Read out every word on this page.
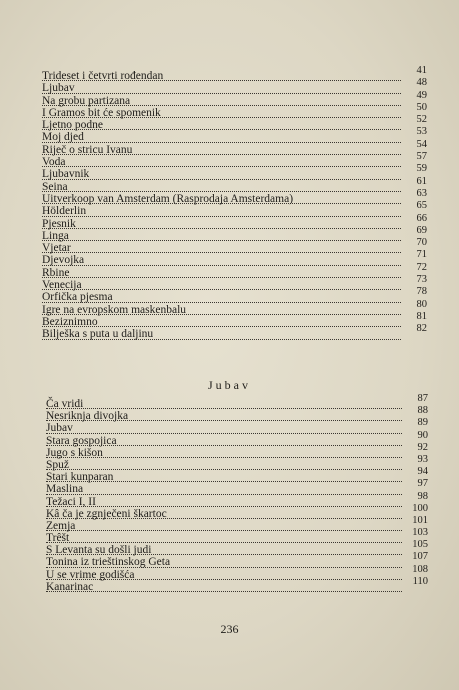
Trideset i četvrti rođendan	41
Ljubav	48
Na grobu partizana	49
I Gramos bit će spomenik	50
Ljetno podne	52
Moj djed	53
Riječ o stricu Ivanu	54
Voda	57
Ljubavnik	59
Seina	61
Uitverkoop van Amsterdam (Rasprodaja Amsterdama)	63
Hölderlin	65
Pjesnik	66
Linga	69
Vjetar	70
Djevojka	71
Rbine	72
Venecija	73
Orfička pjesma	78
Igre na evropskom maskenbalu	80
Beziznimno	81
Bilješka s puta u daljinu	82
Jubav
Ča vridi	87
Nesriknja divojka	88
Jubav	89
Stara gospojica	90
Jugo s kišon	92
Spuž	93
Stari kunparan	94
Maslina	97
Težaci I, II	98
Kâ ča je zgnječeni škartoc	100
Zemja	101
Trêšt	103
S Levanta su došli judi	105
Tonina iz trieštinskog Geta	107
U se vrime godišća	108
Kanarinac	110
236
